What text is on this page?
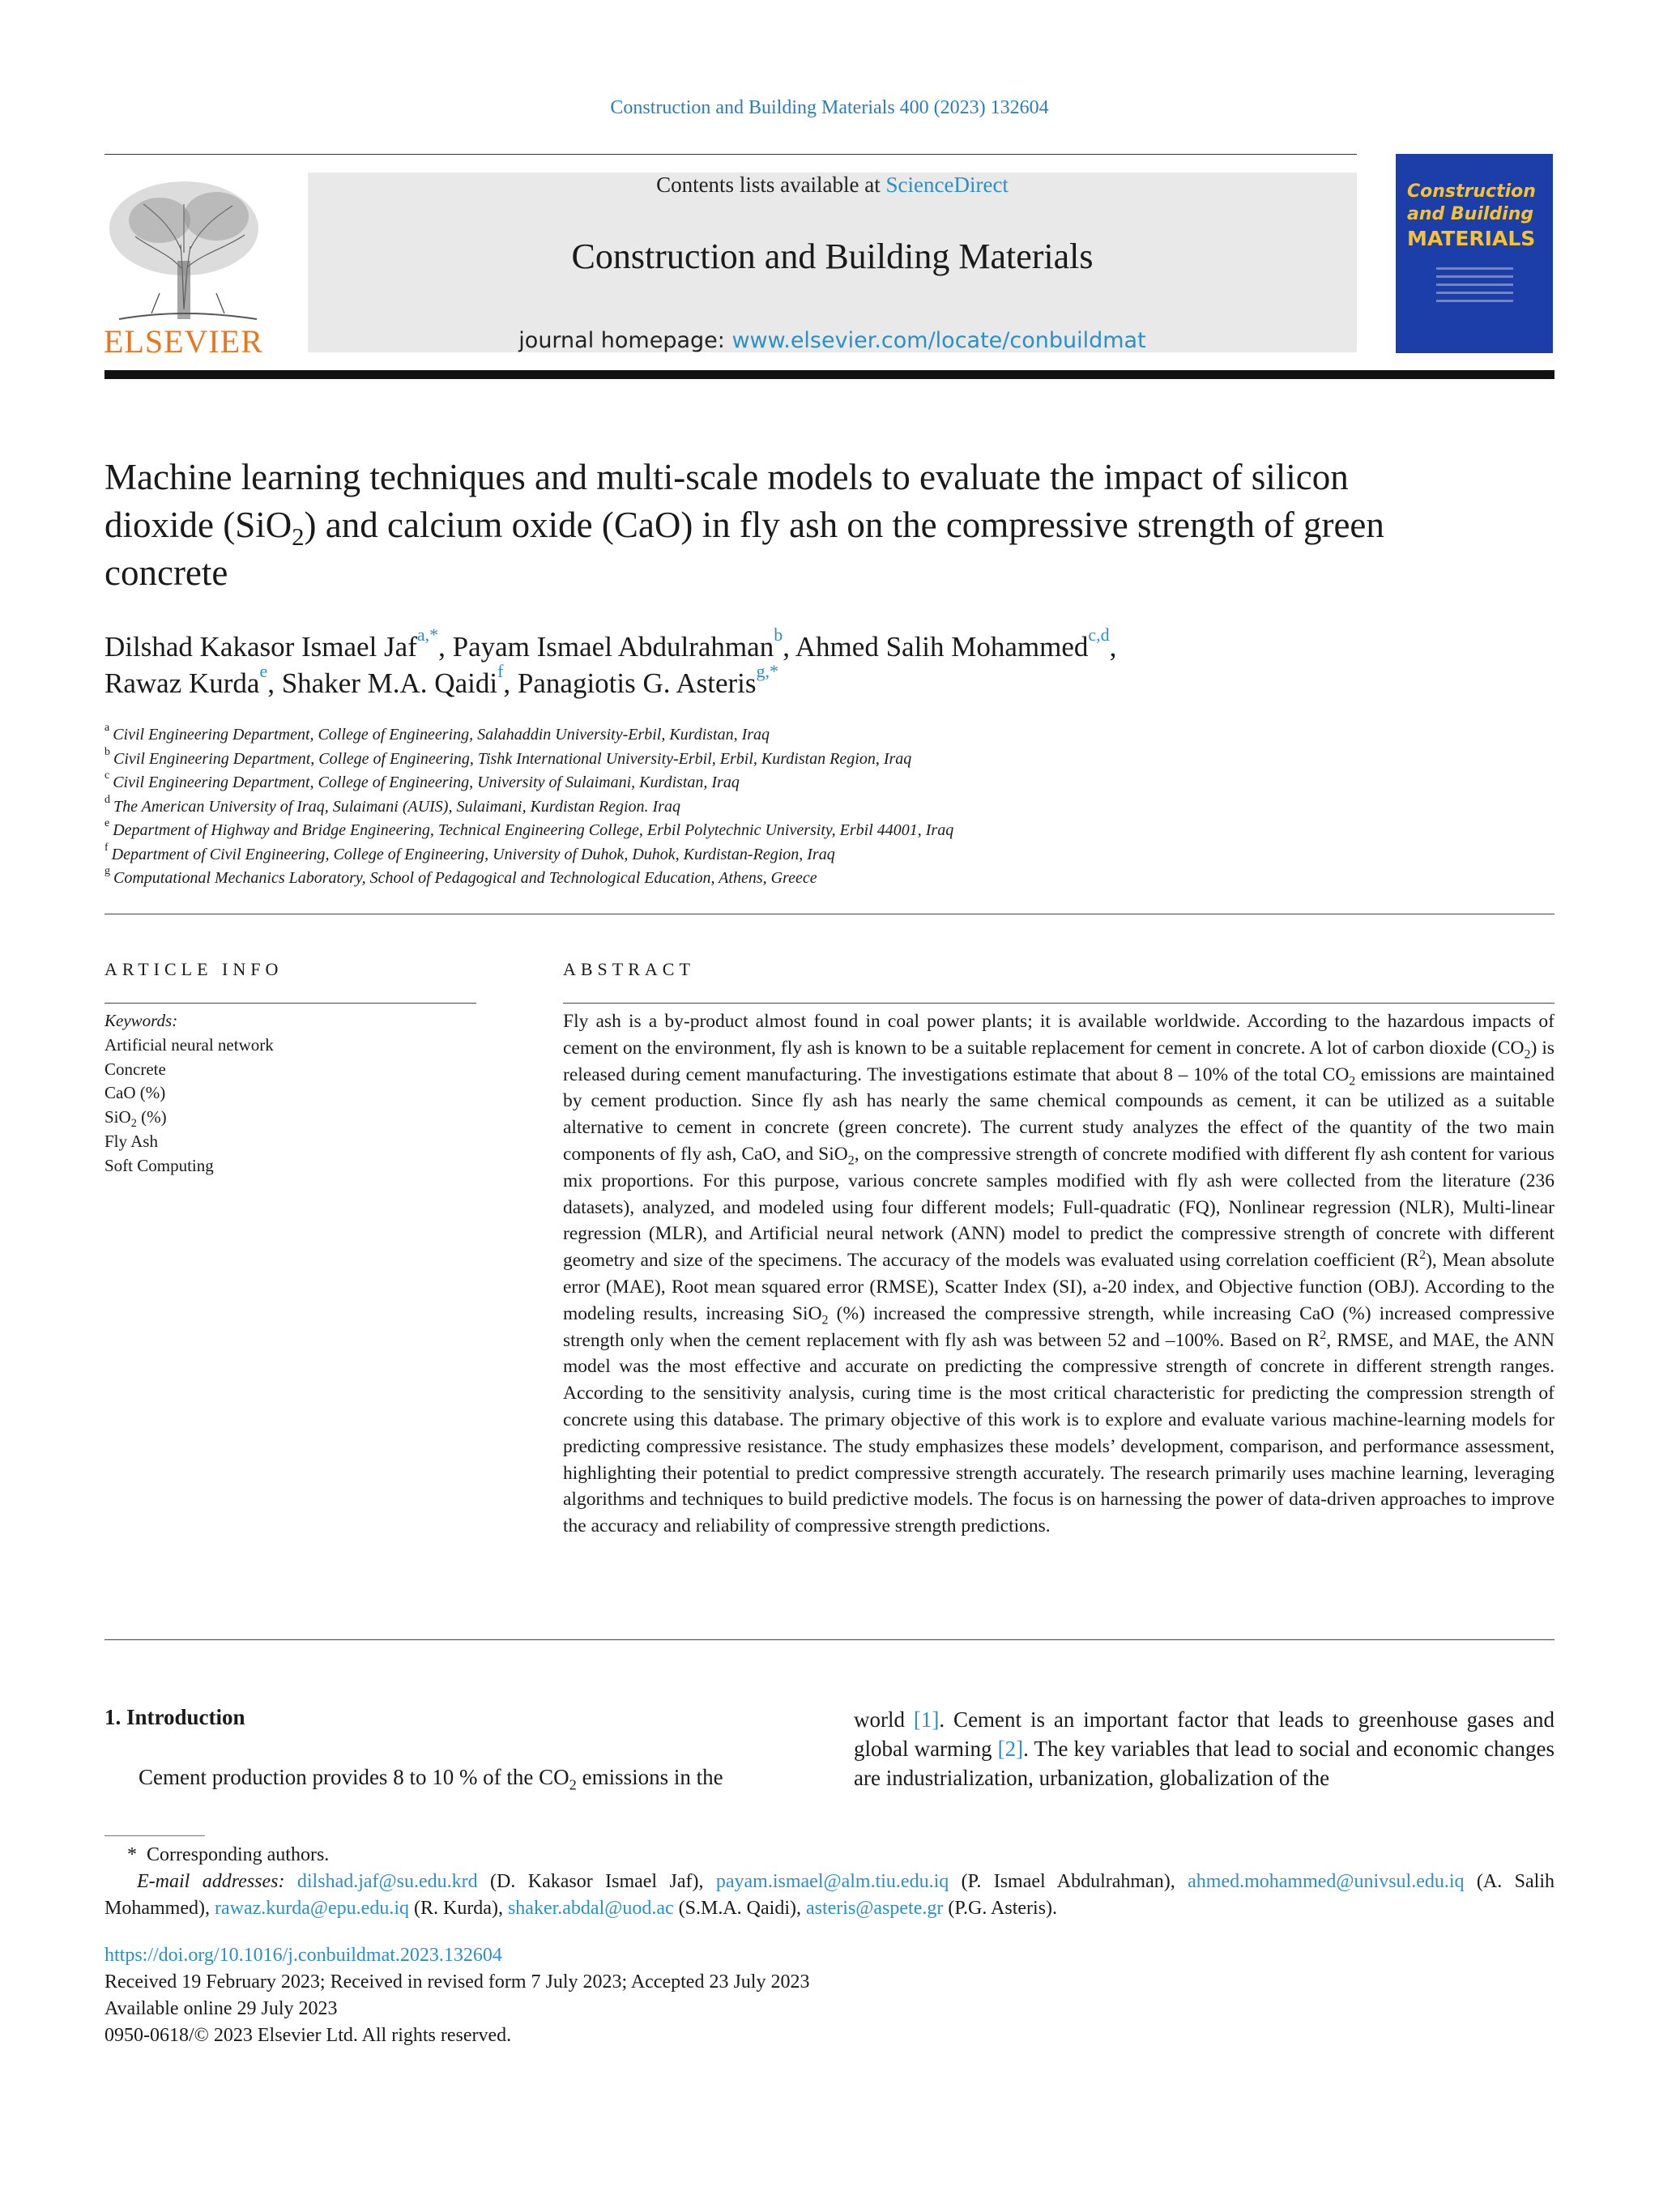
Construction and Building Materials 400 (2023) 132604
ELSEVIER
Contents lists available at ScienceDirect
Construction and Building Materials
journal homepage: www.elsevier.com/locate/conbuildmat
Construction
and Building
MATERIALS
Machine learning techniques and multi-scale models to evaluate the impact of silicon dioxide (SiO$_2$) and calcium oxide (CaO) in fly ash on the compressive strength of green concrete
Dilshad Kakasor Ismael Jaf$^{a,*}$, Payam Ismael Abdulrahman$^b$, Ahmed Salih Mohammed$^{c,d}$,
Rawaz Kurda$^e$, Shaker M.A. Qaidi$^f$, Panagiotis G. Asteris$^{g,*}$
$^a$ Civil Engineering Department, College of Engineering, Salahaddin University-Erbil, Kurdistan, Iraq
$^b$ Civil Engineering Department, College of Engineering, Tishk International University-Erbil, Erbil, Kurdistan Region, Iraq
$^c$ Civil Engineering Department, College of Engineering, University of Sulaimani, Kurdistan, Iraq
$^d$ The American University of Iraq, Sulaimani (AUIS), Sulaimani, Kurdistan Region. Iraq
$^e$ Department of Highway and Bridge Engineering, Technical Engineering College, Erbil Polytechnic University, Erbil 44001, Iraq
$^f$ Department of Civil Engineering, College of Engineering, University of Duhok, Duhok, Kurdistan-Region, Iraq
$^g$ Computational Mechanics Laboratory, School of Pedagogical and Technological Education, Athens, Greece
ARTICLE INFO	ABSTRACT
Keywords:
Artificial neural network
Concrete
CaO (%)
SiO$_2$ (%)
Fly Ash
Soft Computing
Fly ash is a by-product almost found in coal power plants; it is available worldwide. According to the hazardous impacts of cement on the environment, fly ash is known to be a suitable replacement for cement in concrete. A lot of carbon dioxide $(CO_2)$ is released during cement manufacturing. The investigations estimate that about 8 – 10% of the total $CO_2$ emissions are maintained by cement production. Since fly ash has nearly the same chemical compounds as cement, it can be utilized as a suitable alternative to cement in concrete (green concrete). The current study analyzes the effect of the quantity of the two main components of fly ash, CaO, and SiO$_2$, on the compressive strength of concrete modified with different fly ash content for various mix proportions. For this purpose, various concrete samples modified with fly ash were collected from the literature (236 datasets), analyzed, and modeled using four different models; Full-quadratic (FQ), Nonlinear regression (NLR), Multi-linear regression (MLR), and Artificial neural network (ANN) model to predict the compressive strength of concrete with different geometry and size of the specimens. The accuracy of the models was evaluated using correlation coefficient $(R^2)$, Mean absolute error (MAE), Root mean squared error (RMSE), Scatter Index (SI), a-20 index, and Objective function (OBJ). According to the modeling results, increasing SiO$_2$ (%) increased the compressive strength, while increasing CaO (%) increased compressive strength only when the cement replacement with fly ash was between 52 and –100%. Based on $R^2$, RMSE, and MAE, the ANN model was the most effective and accurate on predicting the compressive strength of concrete in different strength ranges. According to the sensitivity analysis, curing time is the most critical characteristic for predicting the compression strength of concrete using this database. The primary objective of this work is to explore and evaluate various machine-learning models for predicting compressive resistance. The study emphasizes these models’ development, comparison, and performance assessment, highlighting their potential to predict compressive strength accurately. The research primarily uses machine learning, leveraging algorithms and techniques to build predictive models. The focus is on harnessing the power of data-driven approaches to improve the accuracy and reliability of compressive strength predictions.
1. Introduction
Cement production provides 8 to 10 % of the $CO_2$ emissions in the
world [1]. Cement is an important factor that leads to greenhouse gases and global warming [2]. The key variables that lead to social and economic changes are industrialization, urbanization, globalization of the
* Corresponding authors.
E-mail addresses: dilshad.jaf@su.edu.krd (D. Kakasor Ismael Jaf), payam.ismael@alm.tiu.edu.iq (P. Ismael Abdulrahman), ahmed.mohammed@univsul.edu.iq (A. Salih Mohammed), rawaz.kurda@epu.edu.iq (R. Kurda), shaker.abdal@uod.ac (S.M.A. Qaidi), asteris@aspete.gr (P.G. Asteris).
https://doi.org/10.1016/j.conbuildmat.2023.132604
Received 19 February 2023; Received in revised form 7 July 2023; Accepted 23 July 2023
Available online 29 July 2023
0950-0618/© 2023 Elsevier Ltd. All rights reserved.
